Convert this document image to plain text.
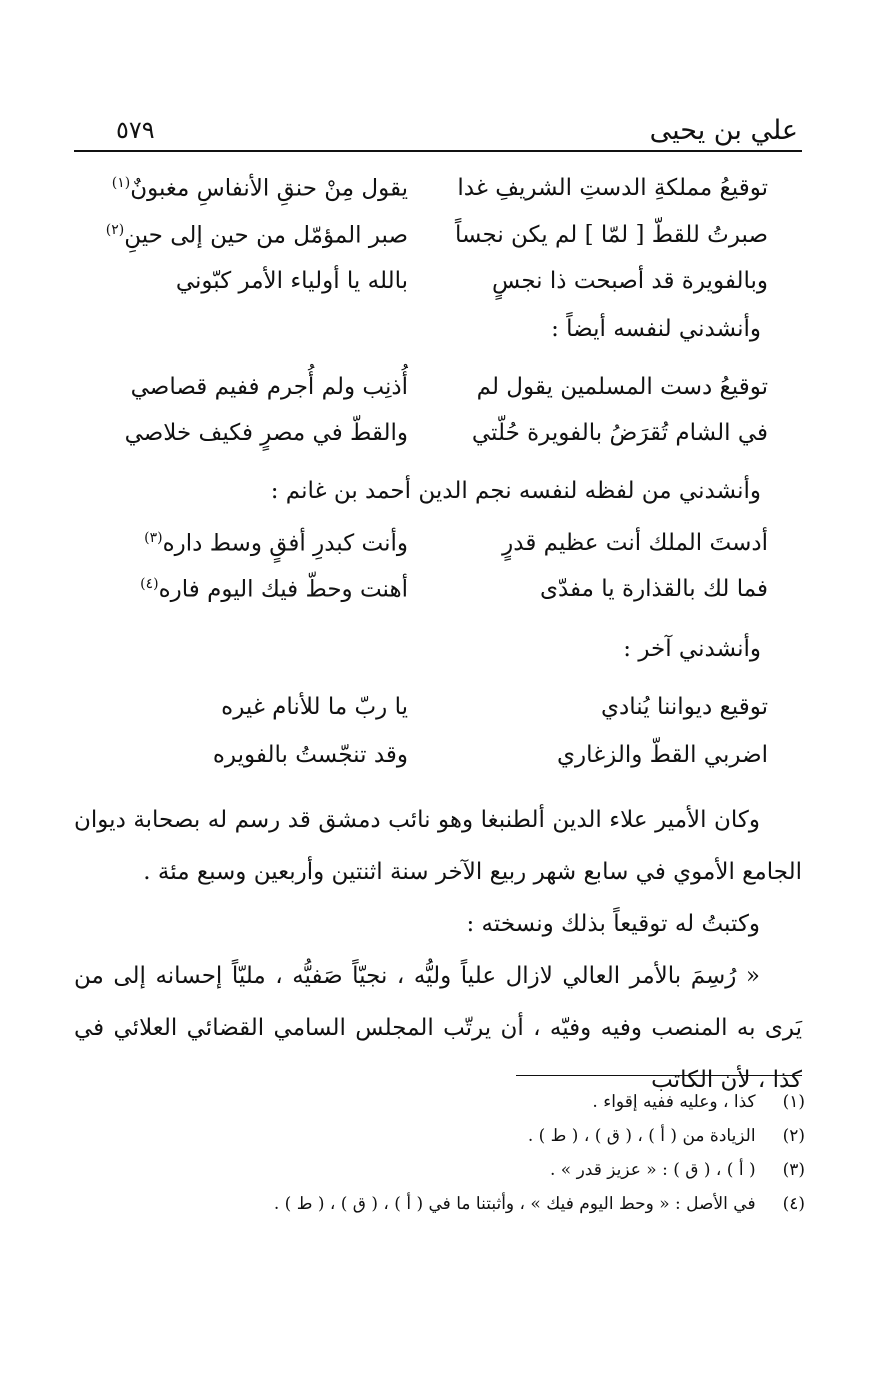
علي بن يحيى
٥٧٩
توقيعُ مملكةِ الدستِ الشريفِ غدا
يقول مِنْ حنقِ الأنفاسِ مغبونٌ$^{(١)}$
صبرتُ للقطّ [ لمّا ] لم يكن نجساً
صبر المؤمّل من حين إلى حينِ$^{(٢)}$
وبالفويرة قد أصبحت ذا نجسٍ
بالله يا أولياء الأمر كبّوني
وأنشدني لنفسه أيضاً :
توقيعُ دست المسلمين يقول لم
أُذنِب ولم أُجرم ففيم قصاصي
في الشام تُقرَضُ بالفويرة حُلّتي
والقطّ في مصرٍ فكيف خلاصي
وأنشدني من لفظه لنفسه نجم الدين أحمد بن غانم :
أدستَ الملك أنت عظيم قدرٍ
وأنت كبدرِ أفقٍ وسط داره$^{(٣)}$
فما لك بالقذارة يا مفدّى
أهنت وحطّ فيك اليوم فاره$^{(٤)}$
وأنشدني آخر :
توقيع ديواننا يُنادي
يا ربّ ما للأنام غيره
اضربي القطّ والزغاري
وقد تنجّستُ بالفويره

وكان الأمير علاء الدين ألطنبغا وهو نائب دمشق قد رسم له بصحابة ديوان الجامع الأموي في سابع شهر ربيع الآخر سنة اثنتين وأربعين وسبع مئة .

وكتبتُ له توقيعاً بذلك ونسخته :

« رُسِمَ بالأمر العالي لازال علياً وليُّه ، نجيّاً صَفيُّه ، مليّاً إحسانه إلى من يَرى به المنصب وفيه وفيّه ، أن يرتّب المجلس السامي القضائي العلائي في كذا ، لأن الكاتب

(١) كذا ، وعليه ففيه إقواء .
(٢) الزيادة من ( أ ) ، ( ق ) ، ( ط ) .
(٣) ( أ ) ، ( ق ) : « عزيز قدر » .
(٤) في الأصل : « وحط اليوم فيك » ، وأثبتنا ما في ( أ ) ، ( ق ) ، ( ط ) .
